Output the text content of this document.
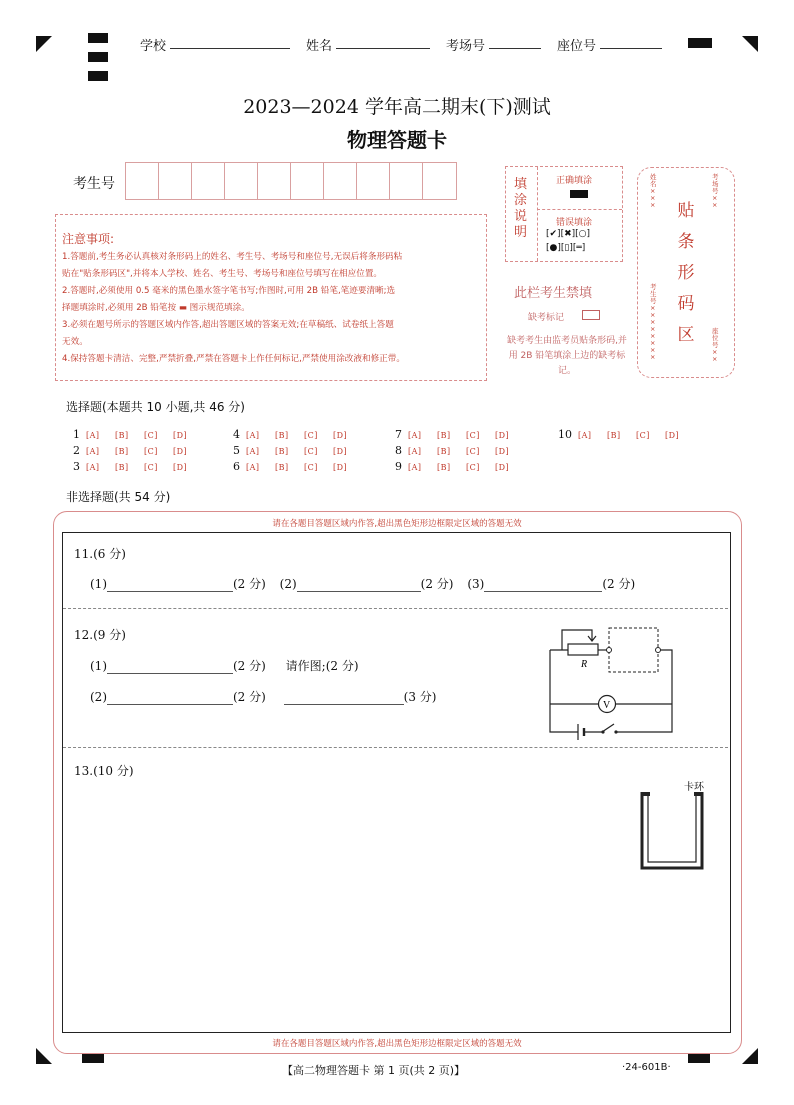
学校	姓名	考场号	座位号
2023—2024 学年高二期末(下)测试
物理答题卡
考生号
注意事项:

1.答题前,考生务必认真核对条形码上的姓名、考生号、考场号和座位号,无误后将条形码粘

贴在"贴条形码区",并将本人学校、姓名、考生号、考场号和座位号填写在相应位置。

2.答题时,必须使用 0.5 毫米的黑色墨水签字笔书写;作图时,可用 2B 铅笔,笔迹要清晰;选

择题填涂时,必须用 2B 铅笔按 ▬ 图示规范填涂。

3.必须在题号所示的答题区域内作答,超出答题区域的答案无效;在草稿纸、试卷纸上答题

无效。

4.保持答题卡清洁、完整,严禁折叠,严禁在答题卡上作任何标记,严禁使用涂改液和修正带。

填涂说明
正确填涂
错误填涂
[✔][✖][○]
[●][▯][═]
此栏考生禁填
缺考标记
缺考考生由监考员贴条形码,并用 2B 铅笔填涂上边的缺考标记。
贴条形码区
姓名×××
考场号××
考生号××××××××
座位号××
选择题(本题共 10 小题,共 46 分)
1 [A] [B] [C] [D]
2 [A] [B] [C] [D]
3 [A] [B] [C] [D]
4 [A] [B] [C] [D]
5 [A] [B] [C] [D]
6 [A] [B] [C] [D]
7 [A] [B] [C] [D]
8 [A] [B] [C] [D]
9 [A] [B] [C] [D]
10 [A] [B] [C] [D]
非选择题(共 54 分)
请在各题目答题区域内作答,超出黑色矩形边框限定区域的答题无效
请在各题目答题区域内作答,超出黑色矩形边框限定区域的答题无效
11.(6 分)
(1)	(2 分) (2)	(2 分) (3)	(2 分)
12.(9 分)
(1)	(2 分) 请作图;(2 分)
(2)	(2 分)	(3 分)
R
V
13.(10 分)
卡环
【高二物理答题卡 第 1 页(共 2 页)】	·24-601B·
